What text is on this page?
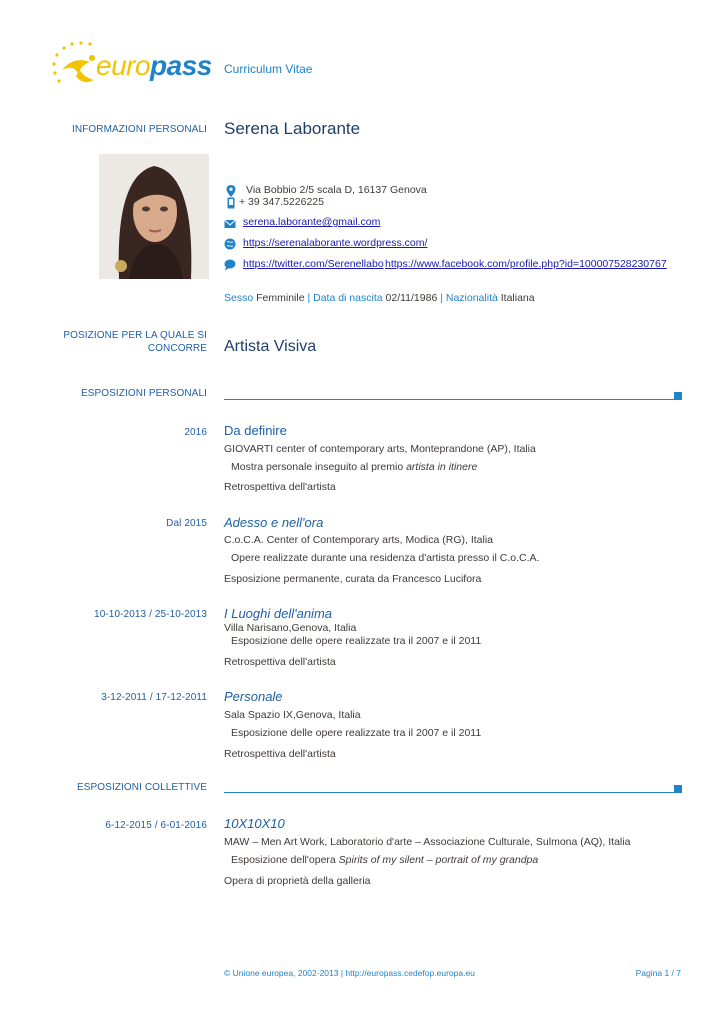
europass Curriculum Vitae
INFORMAZIONI PERSONALI Serena Laborante
Via Bobbio 2/5 scala D, 16137 Genova
+ 39 347.5226225
serena.laborante@gmail.com
https://serenalaborante.wordpress.com/
https://twitter.com/Serenellabo https://www.facebook.com/profile.php?id=100007528230767
Sesso Femminile | Data di nascita 02/11/1986 | Nazionalità Italiana
POSIZIONE PER LA QUALE SI
CONCORRE Artista Visiva
ESPOSIZIONI PERSONALI
2016 Da definire
GIOVARTI center of contemporary arts, Monteprandone (AP), Italia
Mostra personale inseguito al premio artista in itinere
Retrospettiva dell'artista
Dal 2015 Adesso e nell'ora
C.o.C.A. Center of Contemporary arts, Modica (RG), Italia
Opere realizzate durante una residenza d'artista presso il C.o.C.A.
Esposizione permanente, curata da Francesco Lucifora
10-10-2013 / 25-10-2013 I Luoghi dell'anima
Villa Narisano,Genova, Italia
Esposizione delle opere realizzate tra il 2007 e il 2011
Retrospettiva dell'artista
3-12-2011 / 17-12-2011 Personale
Sala Spazio IX,Genova, Italia
Esposizione delle opere realizzate tra il 2007 e il 2011
Retrospettiva dell'artista
ESPOSIZIONI COLLETTIVE
6-12-2015 / 6-01-2016 10X10X10
MAW – Men Art Work, Laboratorio d'arte – Associazione Culturale, Sulmona (AQ), Italia
Esposizione dell'opera Spirits of my silent – portrait of my grandpa
Opera di proprietà della galleria
© Unione europea, 2002-2013 | http://europass.cedefop.europa.eu	Pagina 1 / 7
